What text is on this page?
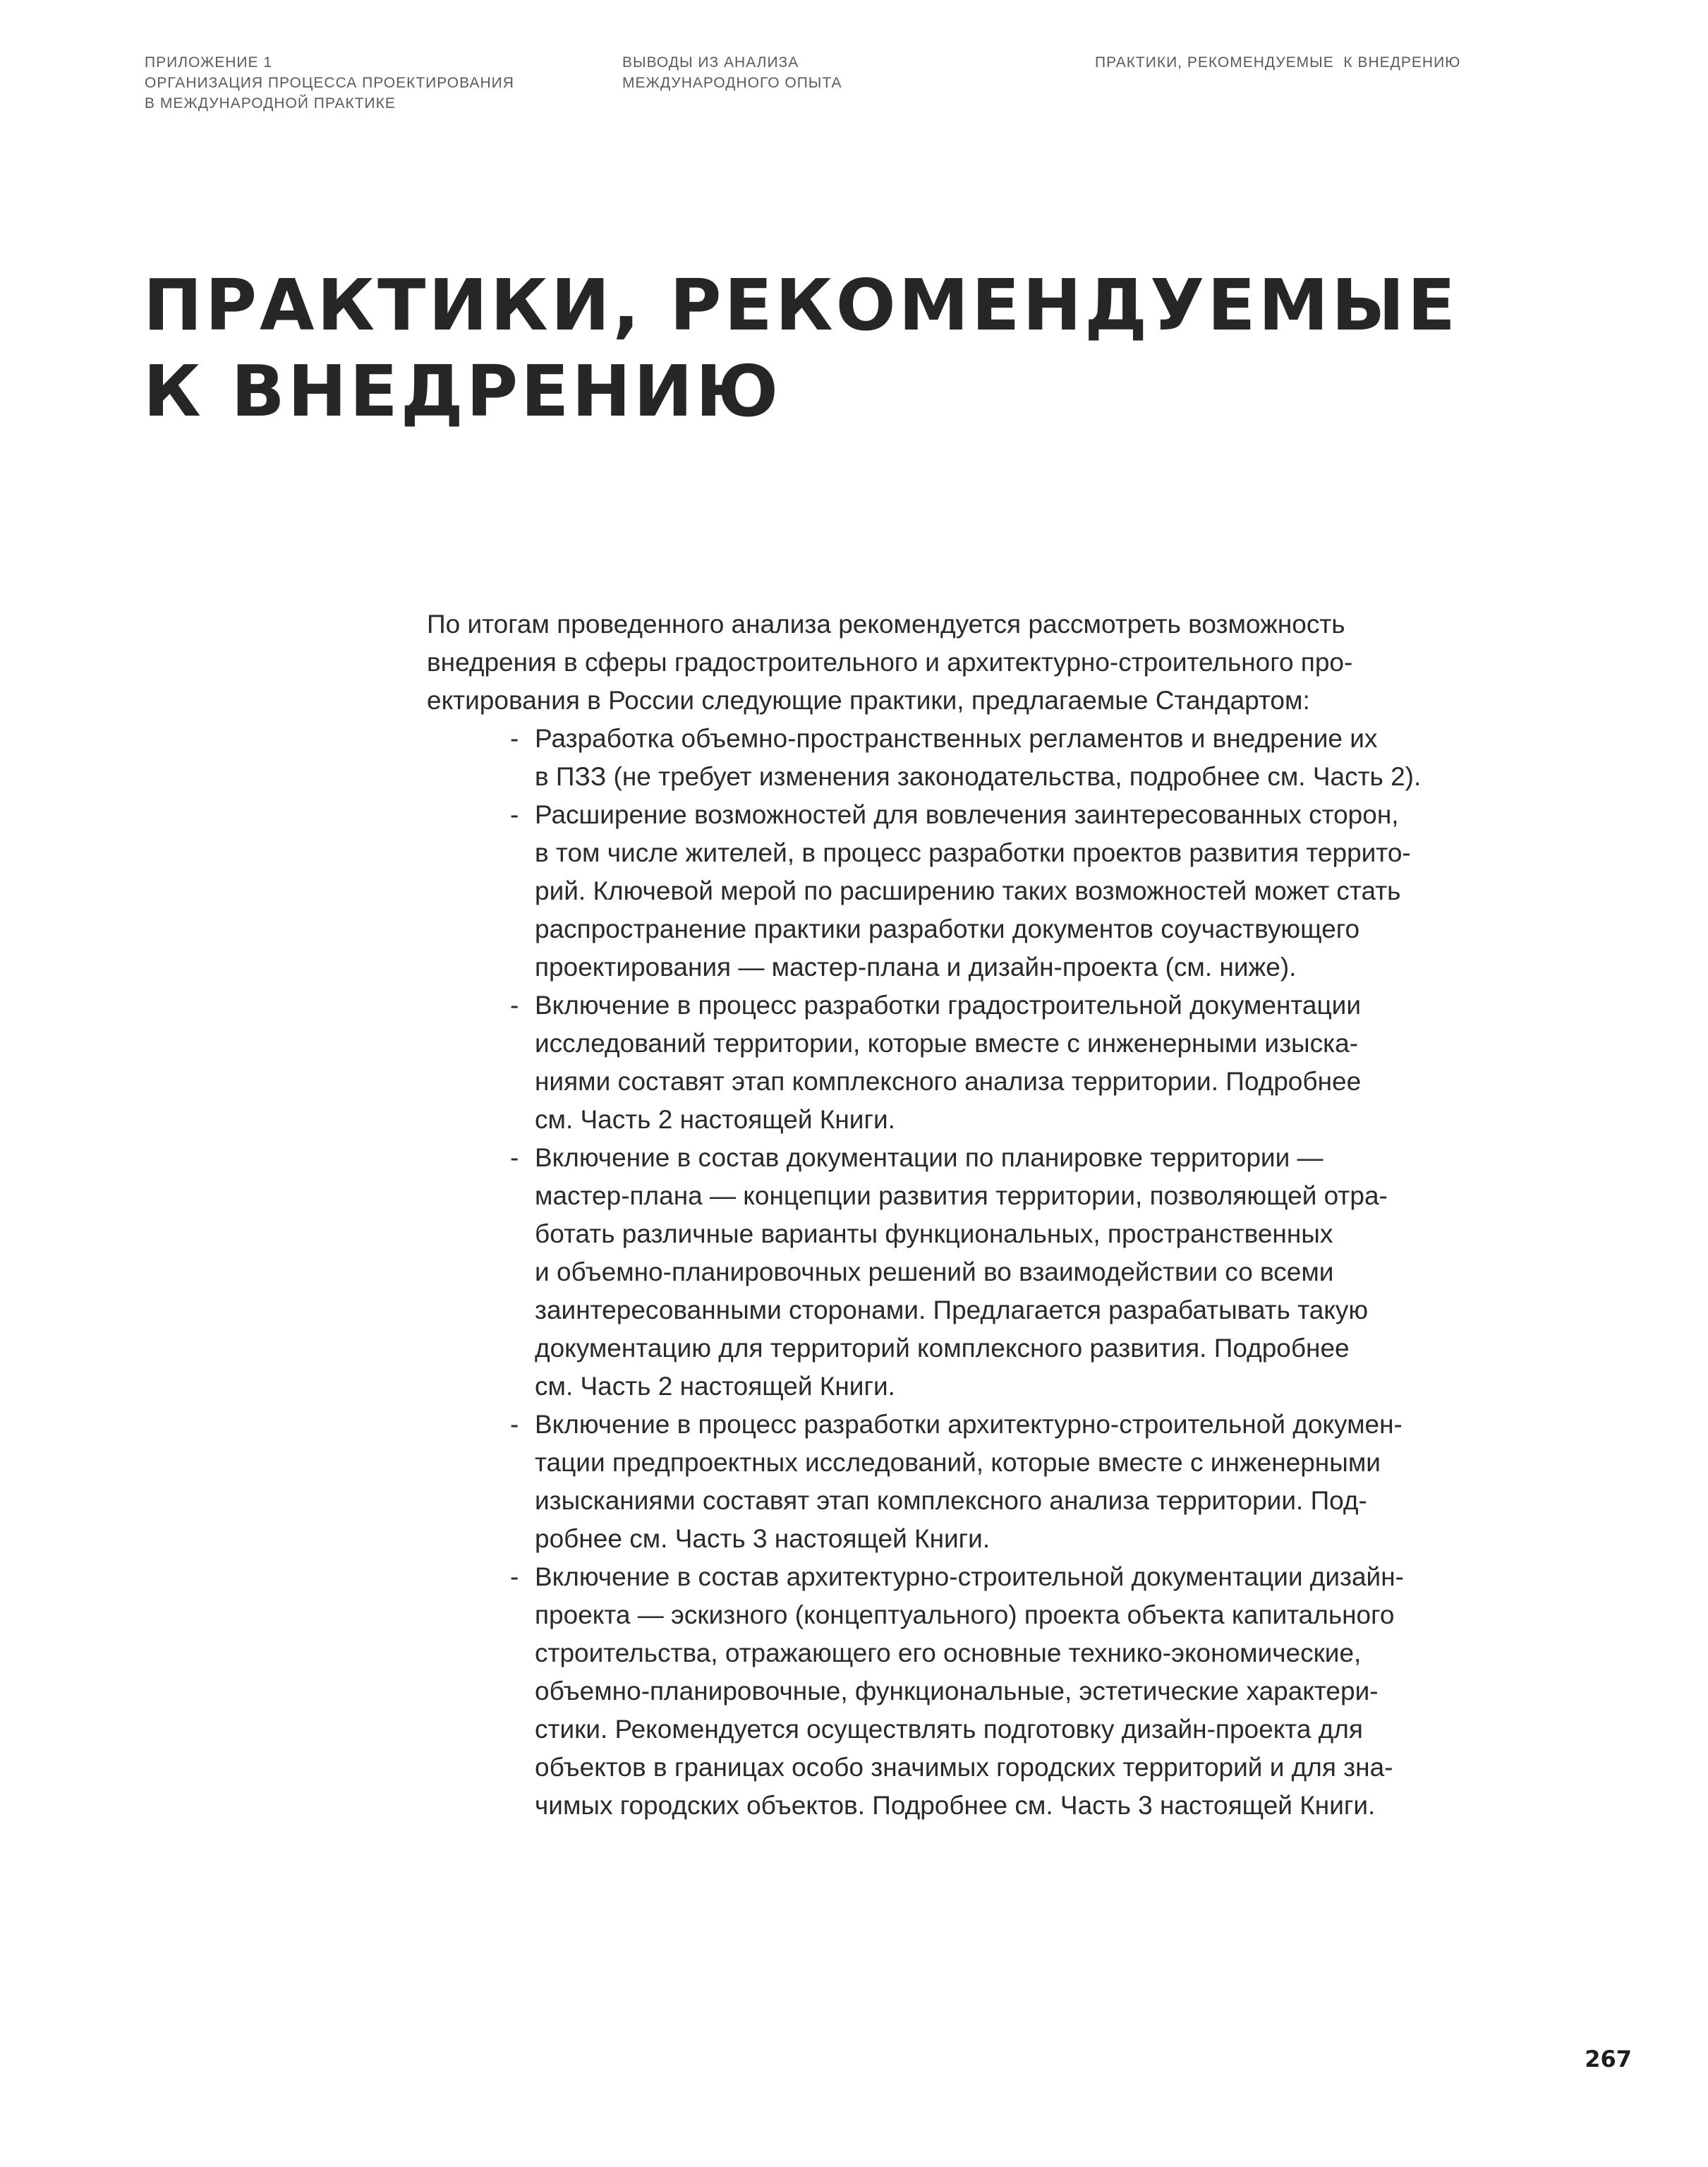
ПРИЛОЖЕНИЕ 1
ОРГАНИЗАЦИЯ ПРОЦЕССА ПРОЕКТИРОВАНИЯ
В МЕЖДУНАРОДНОЙ ПРАКТИКЕ
ВЫВОДЫ ИЗ АНАЛИЗА
МЕЖДУНАРОДНОГО ОПЫТА
ПРАКТИКИ, РЕКОМЕНДУЕМЫЕ  К ВНЕДРЕНИЮ
ПРАКТИКИ, РЕКОМЕНДУЕМЫЕ
К ВНЕДРЕНИЮ

По итогам проведенного анализа рекомендуется рассмотреть возможность
внедрения в сферы градостроительного и архитектурно-строительного про-
ектирования в России следующие практики, предлагаемые Стандартом:

- Разработка объемно-пространственных регламентов и внедрение их
в ПЗЗ (не требует изменения законодательства, подробнее см. Часть 2).
- Расширение возможностей для вовлечения заинтересованных сторон,
в том числе жителей, в процесс разработки проектов развития террито-
рий. Ключевой мерой по расширению таких возможностей может стать
распространение практики разработки документов соучаствующего
проектирования — мастер-плана и дизайн-проекта (см. ниже).
- Включение в процесс разработки градостроительной документации
исследований территории, которые вместе с инженерными изыска-
ниями составят этап комплексного анализа территории. Подробнее
см. Часть 2 настоящей Книги.
- Включение в состав документации по планировке территории —
мастер-плана — концепции развития территории, позволяющей отра-
ботать различные варианты функциональных, пространственных
и объемно-планировочных решений во взаимодействии со всеми
заинтересованными сторонами. Предлагается разрабатывать такую
документацию для территорий комплексного развития. Подробнее
см. Часть 2 настоящей Книги.
- Включение в процесс разработки архитектурно-строительной докумен-
тации предпроектных исследований, которые вместе с инженерными
изысканиями составят этап комплексного анализа территории. Под-
робнее см. Часть 3 настоящей Книги.
- Включение в состав архитектурно-строительной документации дизайн-
проекта — эскизного (концептуального) проекта объекта капитального
строительства, отражающего его основные технико-экономические,
объемно-планировочные, функциональные, эстетические характери-
стики. Рекомендуется осуществлять подготовку дизайн-проекта для
объектов в границах особо значимых городских территорий и для зна-
чимых городских объектов. Подробнее см. Часть 3 настоящей Книги.

267
